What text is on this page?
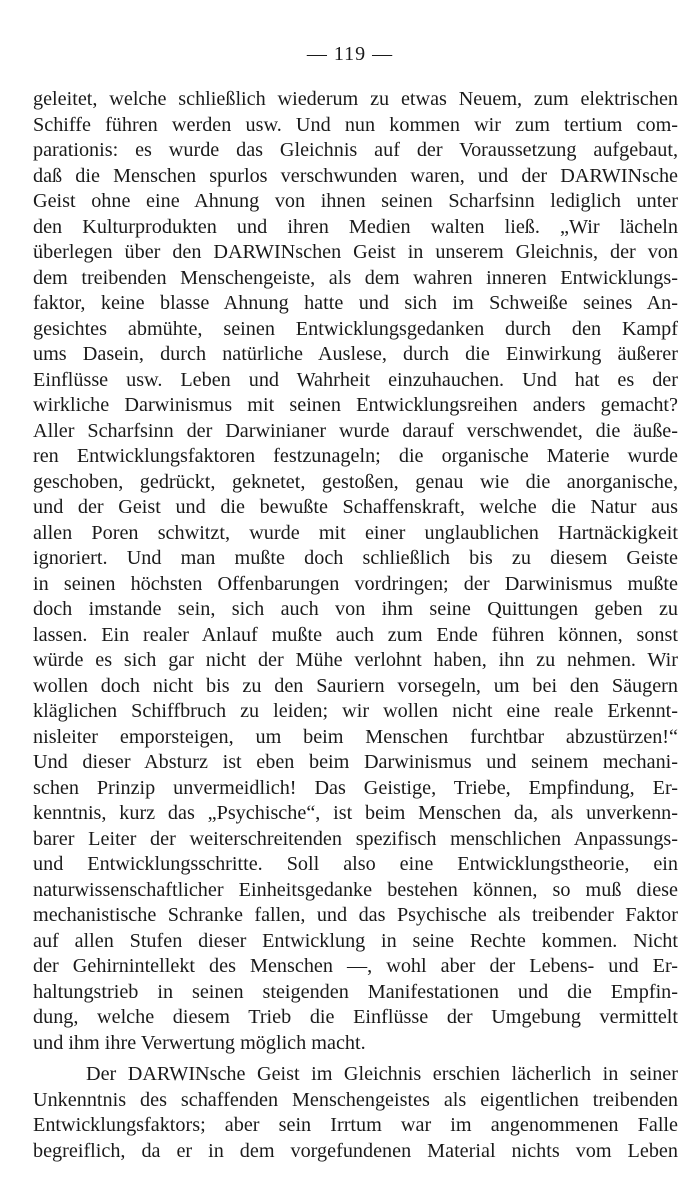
— 119 —
geleitet, welche schließlich wiederum zu etwas Neuem, zum elektrischen
Schiffe führen werden usw. Und nun kommen wir zum tertium com-
parationis: es wurde das Gleichnis auf der Voraussetzung aufgebaut,
daß die Menschen spurlos verschwunden waren, und der DARWINsche
Geist ohne eine Ahnung von ihnen seinen Scharfsinn lediglich unter
den Kulturprodukten und ihren Medien walten ließ. „Wir lächeln
überlegen über den DARWINschen Geist in unserem Gleichnis, der von
dem treibenden Menschengeiste, als dem wahren inneren Entwicklungs-
faktor, keine blasse Ahnung hatte und sich im Schweiße seines An-
gesichtes abmühte, seinen Entwicklungsgedanken durch den Kampf
ums Dasein, durch natürliche Auslese, durch die Einwirkung äußerer
Einflüsse usw. Leben und Wahrheit einzuhauchen. Und hat es der
wirkliche Darwinismus mit seinen Entwicklungsreihen anders gemacht?
Aller Scharfsinn der Darwinianer wurde darauf verschwendet, die äuße-
ren Entwicklungsfaktoren festzunageln; die organische Materie wurde
geschoben, gedrückt, geknetet, gestoßen, genau wie die anorganische,
und der Geist und die bewußte Schaffenskraft, welche die Natur aus
allen Poren schwitzt, wurde mit einer unglaublichen Hartnäckigkeit
ignoriert. Und man mußte doch schließlich bis zu diesem Geiste
in seinen höchsten Offenbarungen vordringen; der Darwinismus mußte
doch imstande sein, sich auch von ihm seine Quittungen geben zu
lassen. Ein realer Anlauf mußte auch zum Ende führen können, sonst
würde es sich gar nicht der Mühe verlohnt haben, ihn zu nehmen. Wir
wollen doch nicht bis zu den Sauriern vorsegeln, um bei den Säugern
kläglichen Schiffbruch zu leiden; wir wollen nicht eine reale Erkennt-
nisleiter emporsteigen, um beim Menschen furchtbar abzustürzen!“
Und dieser Absturz ist eben beim Darwinismus und seinem mechani-
schen Prinzip unvermeidlich! Das Geistige, Triebe, Empfindung, Er-
kenntnis, kurz das „Psychische“, ist beim Menschen da, als unverkenn-
barer Leiter der weiterschreitenden spezifisch menschlichen Anpassungs-
und Entwicklungsschritte. Soll also eine Entwicklungstheorie, ein
naturwissenschaftlicher Einheitsgedanke bestehen können, so muß diese
mechanistische Schranke fallen, und das Psychische als treibender Faktor
auf allen Stufen dieser Entwicklung in seine Rechte kommen. Nicht
der Gehirnintellekt des Menschen —, wohl aber der Lebens- und Er-
haltungstrieb in seinen steigenden Manifestationen und die Empfin-
dung, welche diesem Trieb die Einflüsse der Umgebung vermittelt
und ihm ihre Verwertung möglich macht.
Der DARWINsche Geist im Gleichnis erschien lächerlich in seiner
Unkenntnis des schaffenden Menschengeistes als eigentlichen treibenden
Entwicklungsfaktors; aber sein Irrtum war im angenommenen Falle
begreiflich, da er in dem vorgefundenen Material nichts vom Leben
